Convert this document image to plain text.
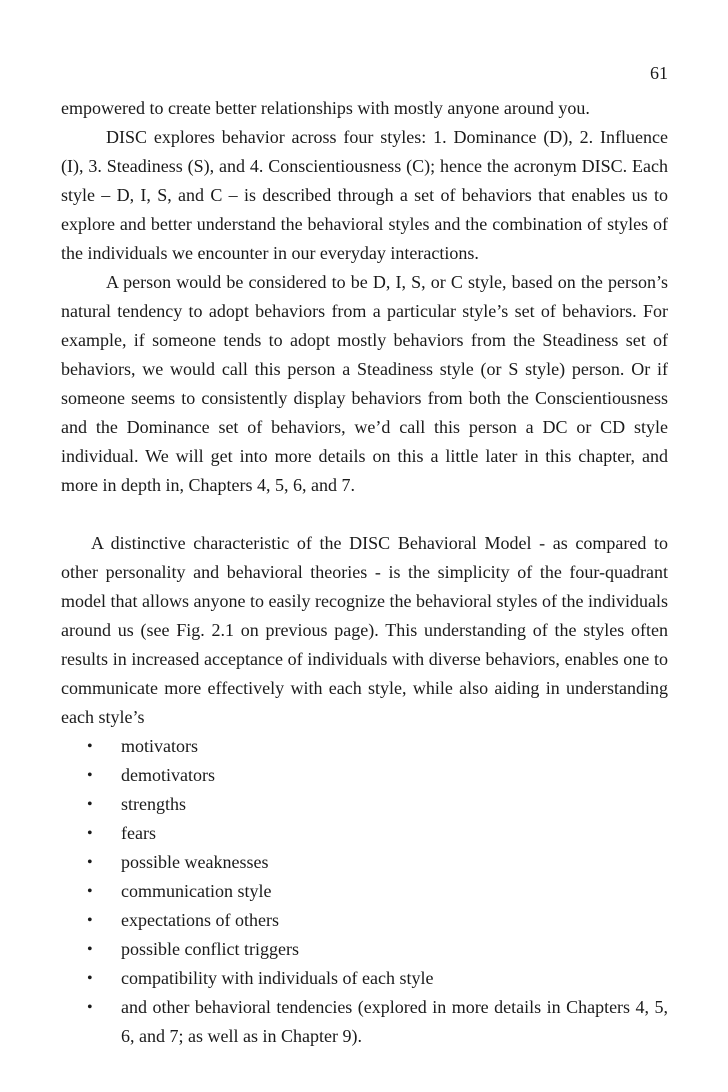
61

empowered to create better relationships with mostly anyone around you.

DISC explores behavior across four styles: 1. Dominance (D), 2. Influence (I), 3. Steadiness (S), and 4. Conscientiousness (C); hence the acronym DISC. Each style – D, I, S, and C – is described through a set of behaviors that enables us to explore and better understand the behavioral styles and the combination of styles of the individuals we encounter in our everyday interactions.

A person would be considered to be D, I, S, or C style, based on the person’s natural tendency to adopt behaviors from a particular style’s set of behaviors. For example, if someone tends to adopt mostly behaviors from the Steadiness set of behaviors, we would call this person a Steadiness style (or S style) person. Or if someone seems to consistently display behaviors from both the Conscientiousness and the Dominance set of behaviors, we’d call this person a DC or CD style individual. We will get into more details on this a little later in this chapter, and more in depth in, Chapters 4, 5, 6, and 7.

A distinctive characteristic of the DISC Behavioral Model - as compared to other personality and behavioral theories - is the simplicity of the four-quadrant model that allows anyone to easily recognize the behavioral styles of the individuals around us (see Fig. 2.1 on previous page). This understanding of the styles often results in increased acceptance of individuals with diverse behaviors, enables one to communicate more effectively with each style, while also aiding in understanding each style’s

• motivators
• demotivators
• strengths
• fears
• possible weaknesses
• communication style
• expectations of others
• possible conflict triggers
• compatibility with individuals of each style
• and other behavioral tendencies (explored in more details in Chapters 4, 5, 6, and 7; as well as in Chapter 9).
